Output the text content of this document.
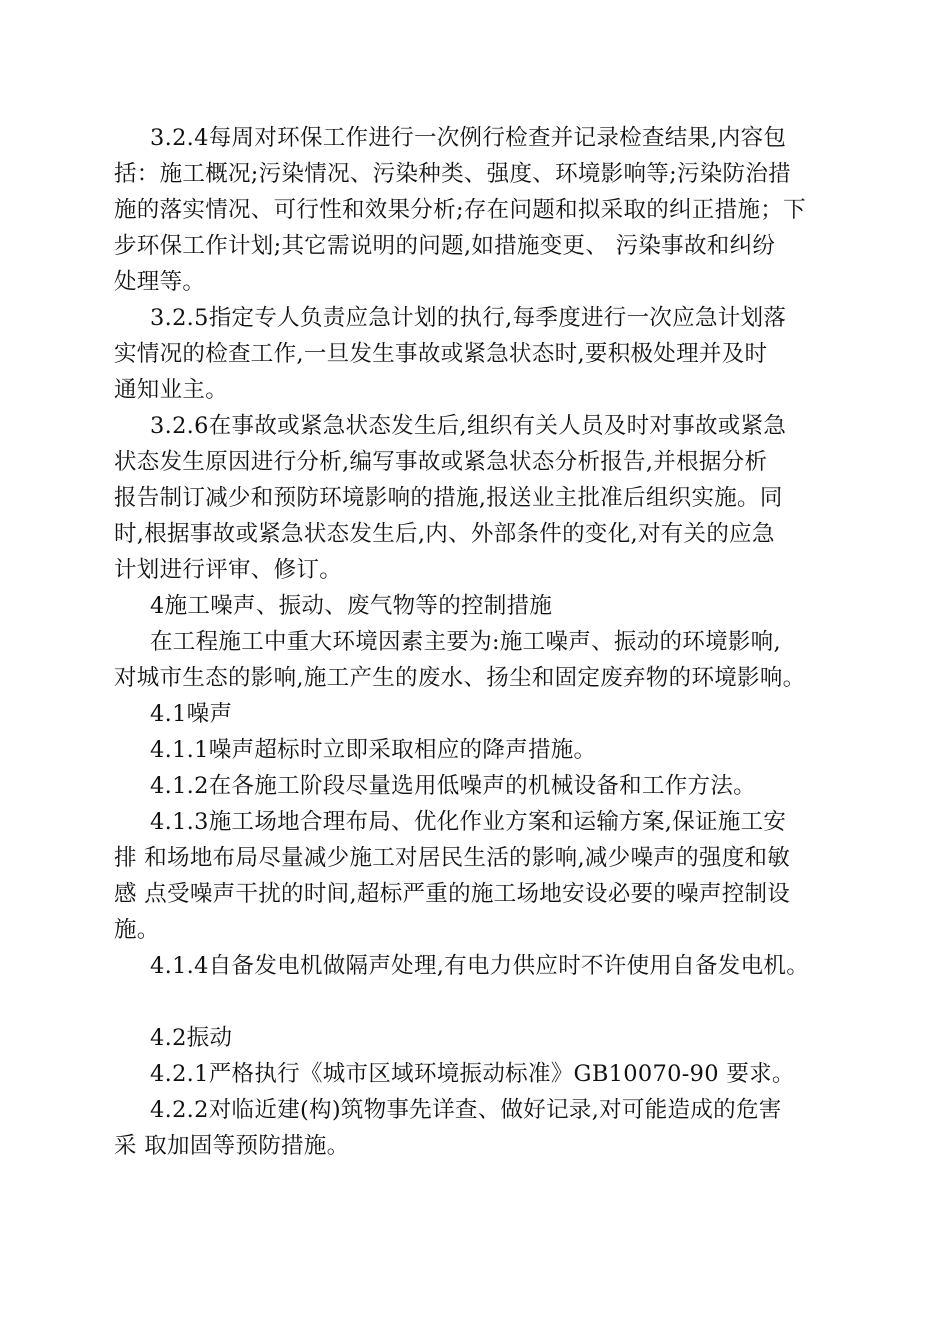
3.2.4每周对环保工作进行一次例行检查并记录检查结果,内容包

括：施工概况;污染情况、污染种类、强度、环境影响等;污染防治措

施的落实情况、可行性和效果分析;存在问题和拟采取的纠正措施；下

步环保工作计划;其它需说明的问题,如措施变更、 污染事故和纠纷

处理等。

3.2.5指定专人负责应急计划的执行,每季度进行一次应急计划落

实情况的检查工作,一旦发生事故或紧急状态时,要积极处理并及时

通知业主。

3.2.6在事故或紧急状态发生后,组织有关人员及时对事故或紧急

状态发生原因进行分析,编写事故或紧急状态分析报告,并根据分析

报告制订减少和预防环境影响的措施,报送业主批准后组织实施。同

时,根据事故或紧急状态发生后,内、外部条件的变化,对有关的应急

计划进行评审、修订。

4施工噪声、振动、废气物等的控制措施

在工程施工中重大环境因素主要为:施工噪声、振动的环境影响,

对城市生态的影响,施工产生的废水、扬尘和固定废弃物的环境影响。

4.1噪声

4.1.1噪声超标时立即采取相应的降声措施。

4.1.2在各施工阶段尽量选用低噪声的机械设备和工作方法。

4.1.3施工场地合理布局、优化作业方案和运输方案,保证施工安

排 和场地布局尽量减少施工对居民生活的影响,减少噪声的强度和敏

感 点受噪声干扰的时间,超标严重的施工场地安设必要的噪声控制设

施。

4.1.4自备发电机做隔声处理,有电力供应时不许使用自备发电机。

4.2振动

4.2.1严格执行《城市区域环境振动标准》GB10070-90 要求。

4.2.2对临近建(构)筑物事先详查、做好记录,对可能造成的危害

采 取加固等预防措施。
